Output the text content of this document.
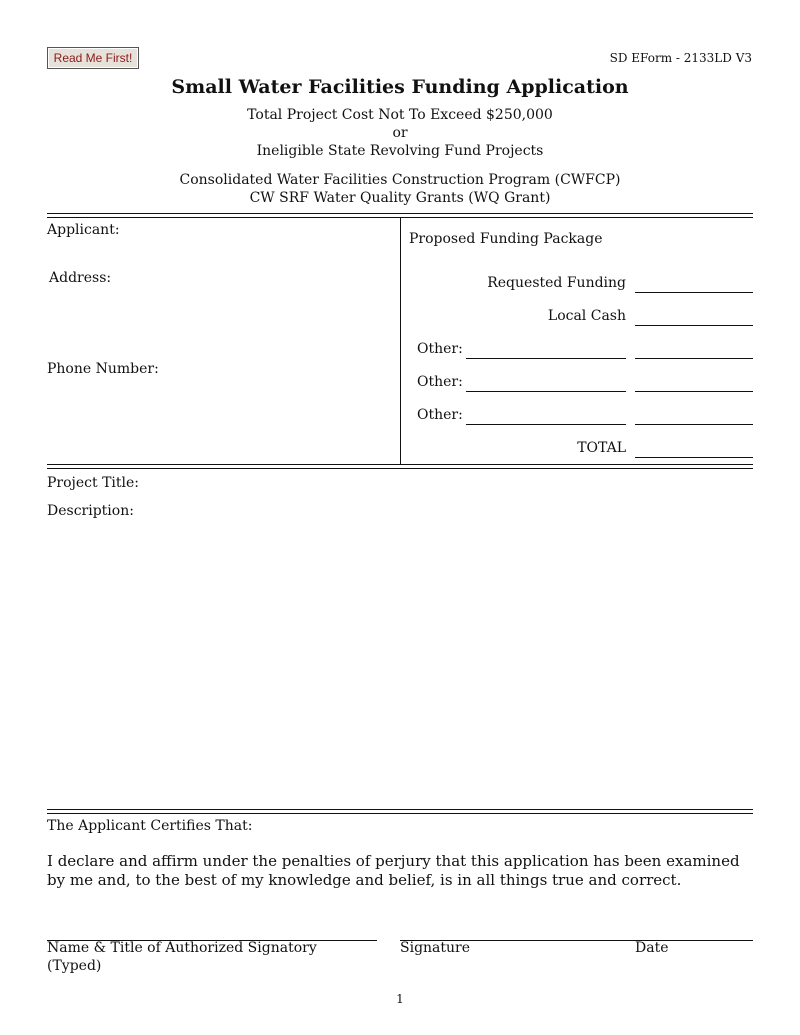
Read Me First!	SD EForm - 2133LD V3
Small Water Facilities Funding Application
Total Project Cost Not To Exceed $250,000
or
Ineligible State Revolving Fund Projects
Consolidated Water Facilities Construction Program (CWFCP)
CW SRF Water Quality Grants (WQ Grant)
Applicant:
Address:
Phone Number:
Proposed Funding Package
Requested Funding
Local Cash
Other:
Other:
Other:
TOTAL
Project Title:
Description:
The Applicant Certifies That:
I declare and affirm under the penalties of perjury that this application has been examined by me and, to the best of my knowledge and belief, is in all things true and correct.
Name & Title of Authorized Signatory
(Typed)
Signature	Date
1
